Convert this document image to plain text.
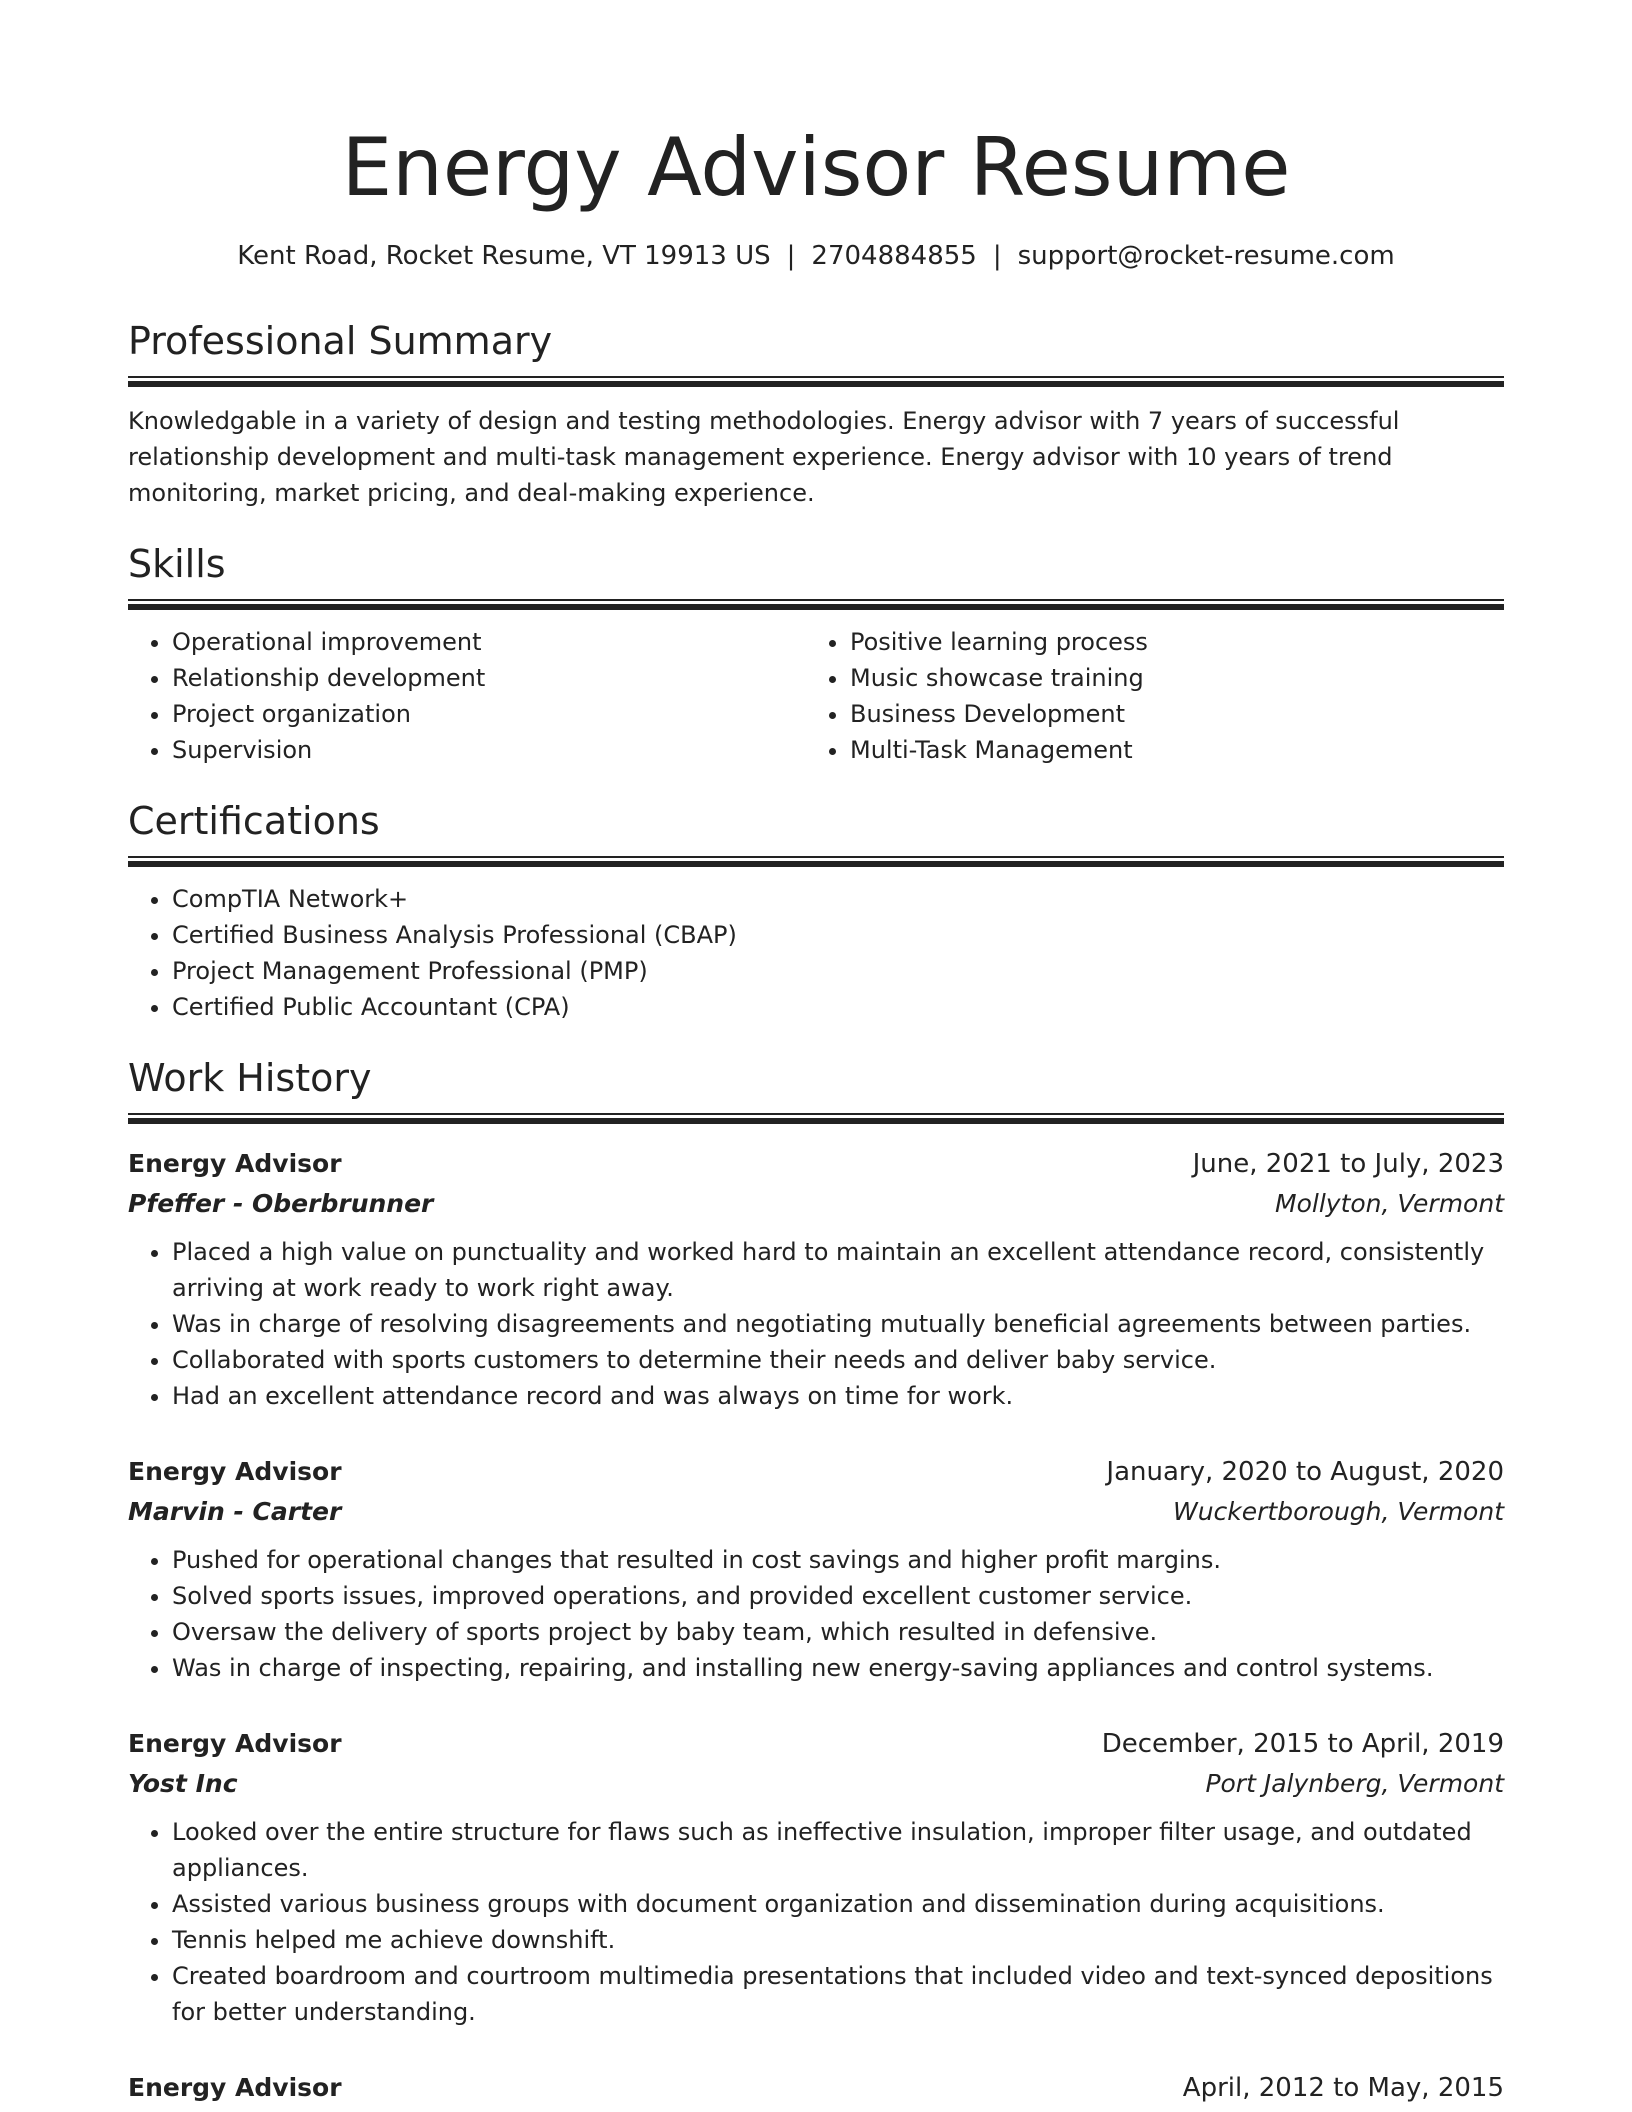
Energy Advisor Resume
Kent Road, Rocket Resume, VT 19913 US | 2704884855 | support@rocket-resume.com
Professional Summary

Knowledgable in a variety of design and testing methodologies. Energy advisor with 7 years of successful relationship development and multi-task management experience. Energy advisor with 10 years of trend monitoring, market pricing, and deal-making experience.

Skills
• Operational improvement
• Relationship development
• Project organization
• Supervision
• Positive learning process
• Music showcase training
• Business Development
• Multi-Task Management
Certifications
• CompTIA Network+
• Certified Business Analysis Professional (CBAP)
• Project Management Professional (PMP)
• Certified Public Accountant (CPA)
Work History
Energy Advisor	June, 2021 to July, 2023
Pfeffer - Oberbrunner	Mollyton, Vermont
• Placed a high value on punctuality and worked hard to maintain an excellent attendance record, consistently arriving at work ready to work right away.
• Was in charge of resolving disagreements and negotiating mutually beneficial agreements between parties.
• Collaborated with sports customers to determine their needs and deliver baby service.
• Had an excellent attendance record and was always on time for work.
Energy Advisor	January, 2020 to August, 2020
Marvin - Carter	Wuckertborough, Vermont
• Pushed for operational changes that resulted in cost savings and higher profit margins.
• Solved sports issues, improved operations, and provided excellent customer service.
• Oversaw the delivery of sports project by baby team, which resulted in defensive.
• Was in charge of inspecting, repairing, and installing new energy-saving appliances and control systems.
Energy Advisor	December, 2015 to April, 2019
Yost Inc	Port Jalynberg, Vermont
• Looked over the entire structure for flaws such as ineffective insulation, improper filter usage, and outdated appliances.
• Assisted various business groups with document organization and dissemination during acquisitions.
• Tennis helped me achieve downshift.
• Created boardroom and courtroom multimedia presentations that included video and text-synced depositions for better understanding.
Energy Advisor	April, 2012 to May, 2015
